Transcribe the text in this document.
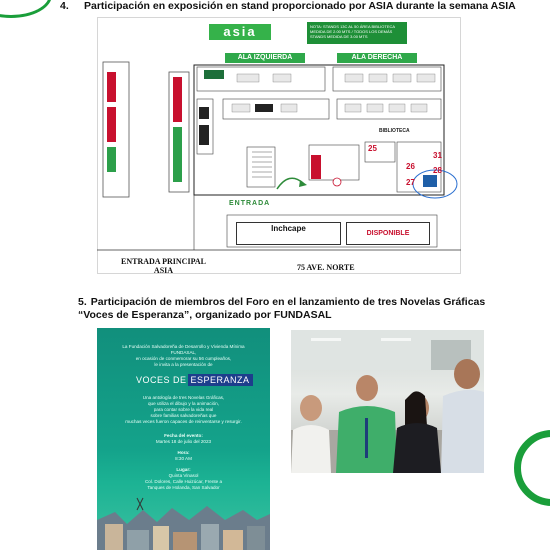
4. Participación en exposición en stand proporcionado por ASIA durante la semana ASIA
asia	NOTA: STANDS 13C AL 50 ÁREA BIBLIOTECA MEDIDA DE 2.00 MTS / TODOS LOS DEMÁS STANDS MEDIDA DE 3.00 MTS
ALA IZQUIERDA	ALA DERECHA
BIBLIOTECA
25
26
27
28
31
ENTRADA
Inchcape
DISPONIBLE
ENTRADA PRINCIPAL
ASIA	75 AVE. NORTE
5. Participación de miembros del Foro en el lanzamiento de tres Novelas Gráficas “Voces de Esperanza”, organizado por FUNDASAL
La Fundación Salvadoreña de Desarrollo y Vivienda Mínima
FUNDASAL,
en ocasión de conmemorar su 56 cumpleaños,
le invita a la presentación de
VOCES DE ESPERANZA
Una antología de tres Novelas Gráficas,
que utiliza el dibujo y la animación,
para contar sobre la vida real
sobre familias salvadoreñas que
muchas veces fueron capaces de reinventarse y resurgir.
Fecha del evento:
Martes 18 de julio del 2023
Hora:
8:30 AM
Lugar:
Quinta Vinasol
Col. Dolores, Calle Huizúcar, Frente a
Tanques de Holanda, San Salvador
